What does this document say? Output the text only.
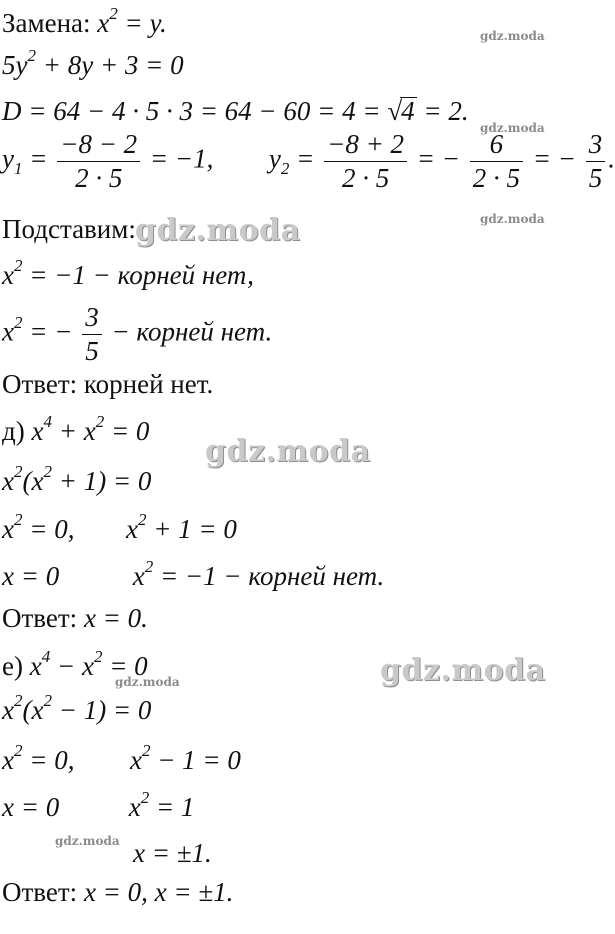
Замена: $x^2 = y$.
$5y^2 + 8y + 3 = 0$
D = 64 − 4 · 5 · 3 = 64 − 60 = 4 = √4 = 2.
$y_1 = \frac{-8 - 2}{2 \cdot 5} = -1$, $y_2 = \frac{-8 + 2}{2 \cdot 5}$ = − $\frac{6}{2 \cdot 5}$ = − $\frac{3}{5}$ .
Подставим:
$x^2 = -1$ − корней нет,
$x^2$ = − $\frac{3}{5}$ − корней нет.
Ответ: корней нет.
д) $x^4 + x^2 = 0$
$x^2(x^2 + 1) = 0$
$x^2 = 0$, $x^2 + 1 = 0$
x = 0	$x^2 = -1$ − корней нет.
Ответ: x = 0.
е) $x^4 - x^2 = 0$
$x^2(x^2 - 1) = 0$
$x^2 = 0$, $x^2 - 1 = 0$
x = 0	$x^2 = 1$
x = ±1.
Ответ: x = 0, x = ±1.
gdz.moda
gdz.moda
gdz.moda
gdz.moda
gdz.moda
gdz.moda
gdz.moda
gdz.moda
